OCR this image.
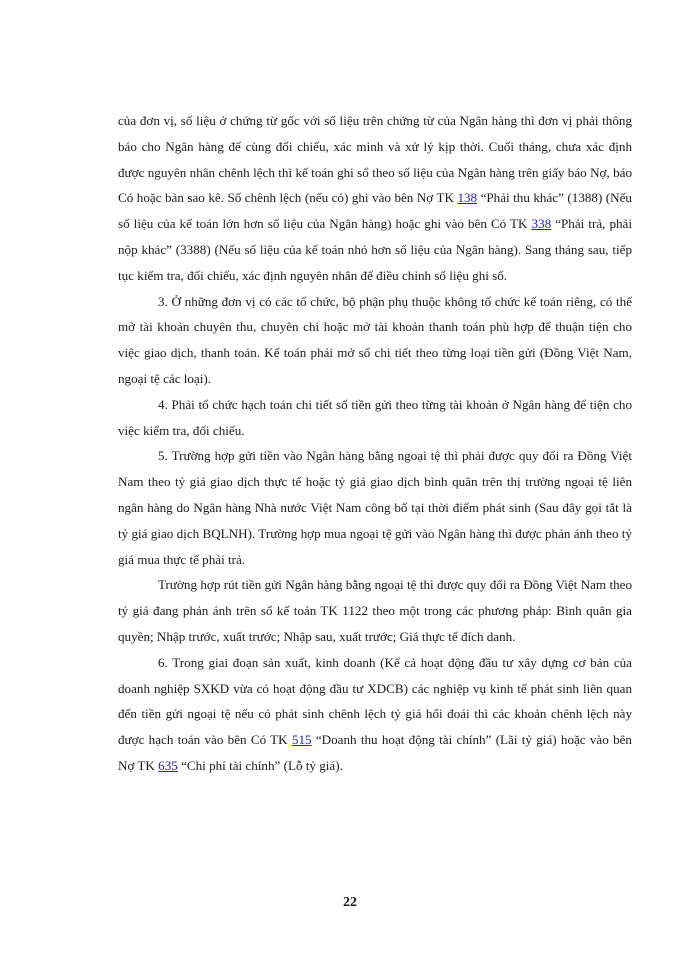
của đơn vị, số liệu ở chứng từ gốc với số liệu trên chứng từ của Ngân hàng thì đơn vị phải thông báo cho Ngân hàng để cùng đối chiếu, xác minh và xử lý kịp thời. Cuối tháng, chưa xác định được nguyên nhân chênh lệch thì kế toán ghi sổ theo số liệu của Ngân hàng trên giấy báo Nợ, báo Có hoặc bản sao kê. Số chênh lệch (nếu có) ghi vào bên Nợ TK 138 “Phải thu khác” (1388) (Nếu số liệu của kế toán lớn hơn số liệu của Ngân hàng) hoặc ghi vào bên Có TK 338 “Phải trả, phải nộp khác” (3388) (Nếu số liệu của kế toán nhỏ hơn số liệu của Ngân hàng). Sang tháng sau, tiếp tục kiểm tra, đối chiếu, xác định nguyên nhân để điều chỉnh số liệu ghi sổ.

3. Ở những đơn vị có các tổ chức, bộ phận phụ thuộc không tổ chức kế toán riêng, có thể mở tài khoản chuyên thu, chuyên chi hoặc mở tài khoản thanh toán phù hợp để thuận tiện cho việc giao dịch, thanh toán. Kế toán phải mở sổ chi tiết theo từng loại tiền gửi (Đồng Việt Nam, ngoại tệ các loại).

4. Phải tổ chức hạch toán chi tiết số tiền gửi theo từng tài khoản ở Ngân hàng để tiện cho việc kiểm tra, đối chiếu.

5. Trường hợp gửi tiền vào Ngân hàng bằng ngoại tệ thì phải được quy đổi ra Đồng Việt Nam theo tỷ giá giao dịch thực tế hoặc tỷ giá giao dịch bình quân trên thị trường ngoại tệ liên ngân hàng do Ngân hàng Nhà nước Việt Nam công bố tại thời điểm phát sinh (Sau đây gọi tắt là tỷ giá giao dịch BQLNH). Trường hợp mua ngoại tệ gửi vào Ngân hàng thì được phản ánh theo tỷ giá mua thực tế phải trả.

Trường hợp rút tiền gửi Ngân hàng bằng ngoại tệ thì được quy đổi ra Đồng Việt Nam theo tỷ giá đang phản ánh trên sổ kế toán TK 1122 theo một trong các phương pháp: Bình quân gia quyền; Nhập trước, xuất trước; Nhập sau, xuất trước; Giá thực tế đích danh.

6. Trong giai đoạn sản xuất, kinh doanh (Kể cả hoạt động đầu tư xây dựng cơ bản của doanh nghiệp SXKD vừa có hoạt động đầu tư XDCB) các nghiệp vụ kinh tế phát sinh liên quan đến tiền gửi ngoại tệ nếu có phát sinh chênh lệch tỷ giá hối đoái thì các khoản chênh lệch này được hạch toán vào bên Có TK 515 “Doanh thu hoạt động tài chính” (Lãi tỷ giá) hoặc vào bên Nợ TK 635 “Chi phí tài chính” (Lỗ tỷ giá).

22
